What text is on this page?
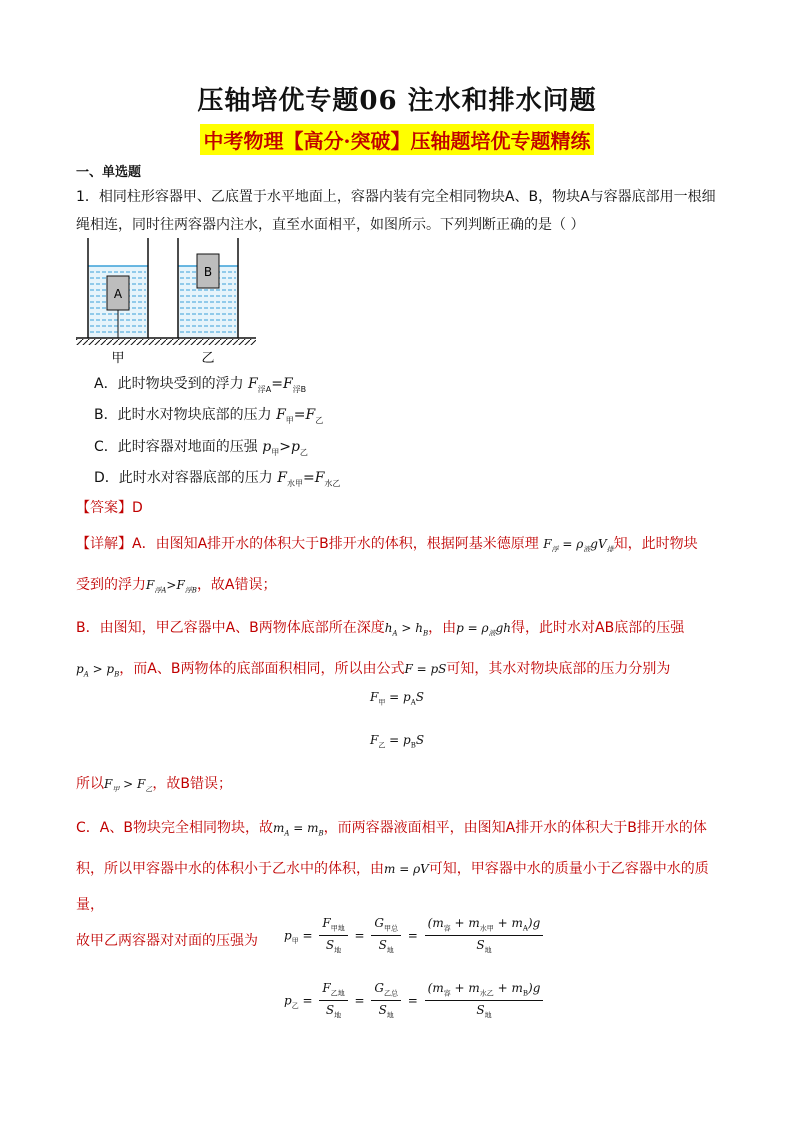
压轴培优专题06 注水和排水问题
中考物理【高分·突破】压轴题培优专题精练
一、单选题
1．相同柱形容器甲、乙底置于水平地面上，容器内装有完全相同物块A、B，物块A与容器底部用一根细
绳相连，同时往两容器内注水，直至水面相平，如图所示。下列判断正确的是（ ）
A
B
甲	乙
A．此时物块受到的浮力 $F_{浮A}=F_{浮B}$
B．此时水对物块底部的压力 $F_甲=F_乙$
C．此时容器对地面的压强 $p_甲>p_乙$
D．此时水对容器底部的压力 $F_{水甲}=F_{水乙}$
【答案】D
【详解】A．由图知A排开水的体积大于B排开水的体积，根据阿基米德原理 $F_浮 = \rho_液gV_排$知，此时物块
受到的浮力$F_{浮A}>F_{浮B}$，故A错误；
B．由图知，甲乙容器中A、B两物体底部所在深度$h_A > h_B$，由$p = \rho_液gh$得，此时水对AB底部的压强
$p_A > p_B$，而A、B两物体的底部面积相同，所以由公式F = pS可知，其水对物块底部的压力分别为
$F_甲 = p_AS$
$F_乙 = p_BS$
所以$F_甲 > F_乙$，故B错误；
C．A、B物块完全相同物块，故$m_A = m_B$，而两容器液面相平，由图知A排开水的体积大于B排开水的体
积，所以甲容器中水的体积小于乙水中的体积，由m = ρV可知，甲容器中水的质量小于乙容器中水的质量，
故甲乙两容器对对面的压强为	$p_甲 = \frac{F_{甲地}}{S_地} = \frac{G_{甲总}}{S_地} = \frac{(m_容 + m_{水甲} + m_A)g}{S_地}$
$p_乙 = \frac{F_{乙地}}{S_地} = \frac{G_{乙总}}{S_地} = \frac{(m_容 + m_{水乙} + m_B)g}{S_地}$
